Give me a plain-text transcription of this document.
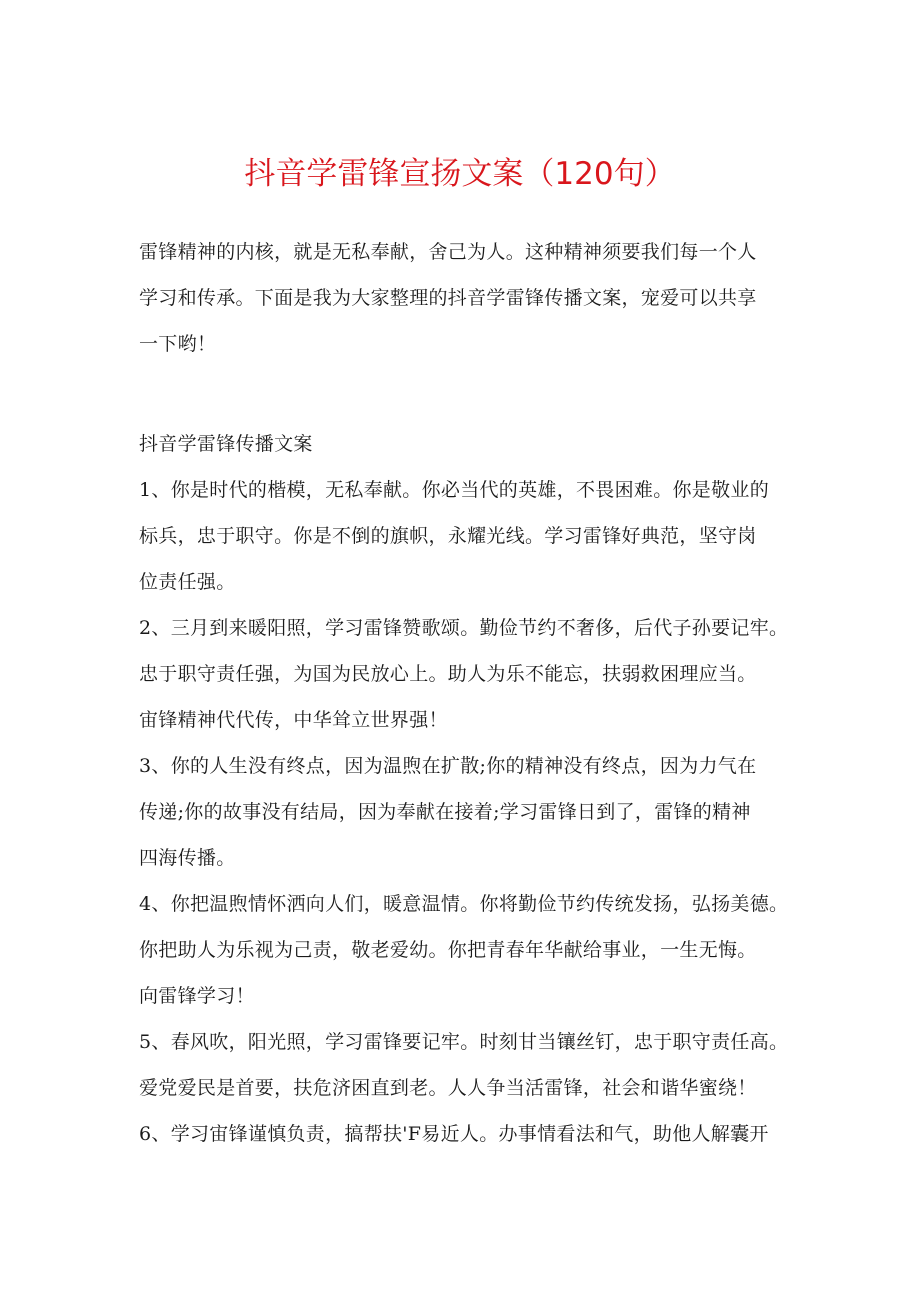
抖音学雷锋宣扬文案（120句）
雷锋精神的内核，就是无私奉献，舍己为人。这种精神须要我们每一个人
学习和传承。下面是我为大家整理的抖音学雷锋传播文案，宠爱可以共享
一下哟！
抖音学雷锋传播文案
1、你是时代的楷模，无私奉献。你必当代的英雄，不畏困难。你是敬业的
标兵，忠于职守。你是不倒的旗帜，永耀光线。学习雷锋好典范，坚守岗
位责任强。
2、三月到来暖阳照，学习雷锋赞歌颂。勤俭节约不奢侈，后代子孙要记牢。
忠于职守责任强，为国为民放心上。助人为乐不能忘，扶弱救困理应当。
宙锋精神代代传，中华耸立世界强！
3、你的人生没有终点，因为温煦在扩散;你的精神没有终点，因为力气在
传递;你的故事没有结局，因为奉献在接着;学习雷锋日到了，雷锋的精神
四海传播。
4、你把温煦情怀洒向人们，暖意温情。你将勤俭节约传统发扬，弘扬美德。
你把助人为乐视为己责，敬老爱幼。你把青春年华献给事业，一生无悔。
向雷锋学习！
5、春风吹，阳光照，学习雷锋要记牢。时刻甘当镶丝钉，忠于职守责任高。
爱党爱民是首要，扶危济困直到老。人人争当活雷锋，社会和谐华蜜绕！
6、学习宙锋谨慎负责，搞帮扶'F易近人。办事情看法和气，助他人解囊开
